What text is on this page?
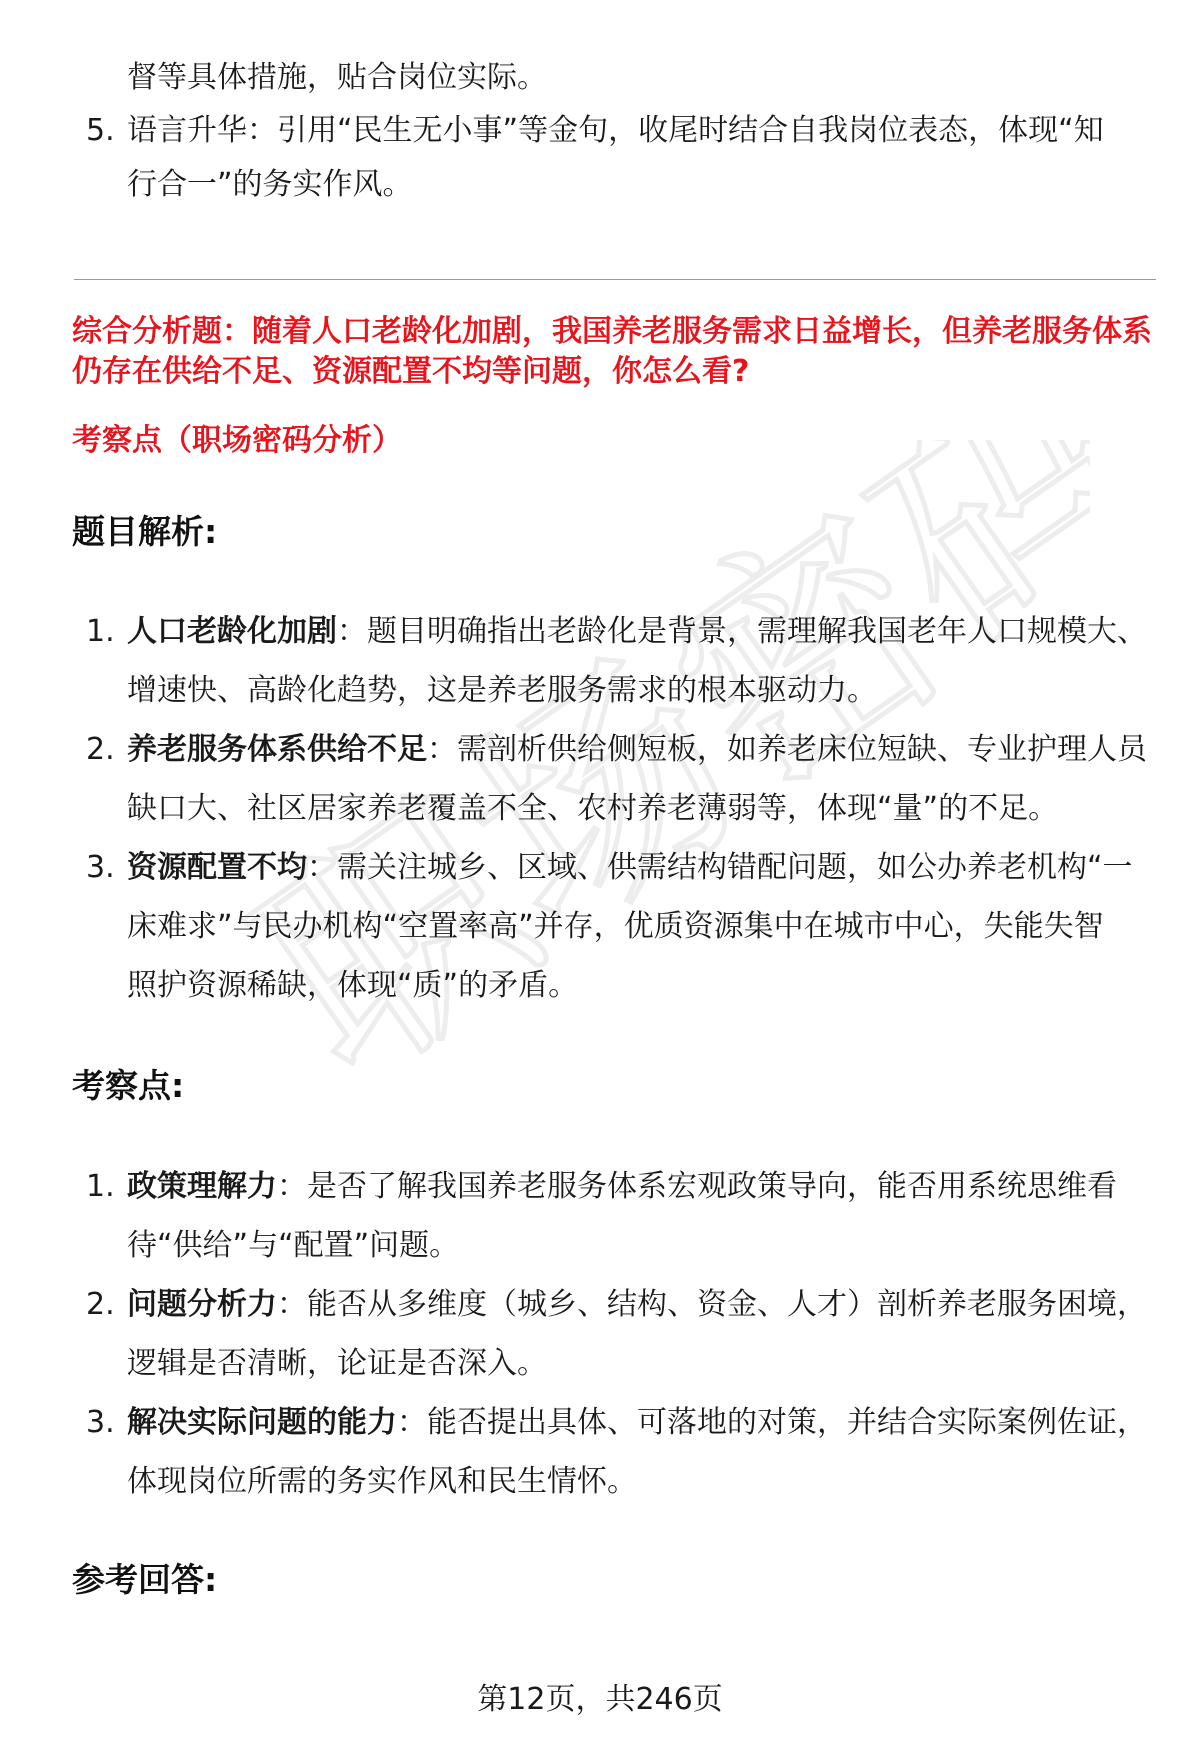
职场密码
督等具体措施，贴合岗位实际。
5. 语言升华：引用“民生无小事”等金句，收尾时结合自我岗位表态，体现“知
行合一”的务实作风。
综合分析题：随着人口老龄化加剧，我国养老服务需求日益增长，但养老服务体系
仍存在供给不足、资源配置不均等问题，你怎么看?
考察点（职场密码分析）
题目解析:
1. 人口老龄化加剧：题目明确指出老龄化是背景，需理解我国老年人口规模大、
增速快、高龄化趋势，这是养老服务需求的根本驱动力。
2. 养老服务体系供给不足：需剖析供给侧短板，如养老床位短缺、专业护理人员
缺口大、社区居家养老覆盖不全、农村养老薄弱等，体现“量”的不足。
3. 资源配置不均：需关注城乡、区域、供需结构错配问题，如公办养老机构“一
床难求”与民办机构“空置率高”并存，优质资源集中在城市中心，失能失智
照护资源稀缺，体现“质”的矛盾。
考察点:
1. 政策理解力：是否了解我国养老服务体系宏观政策导向，能否用系统思维看
待“供给”与“配置”问题。
2. 问题分析力：能否从多维度（城乡、结构、资金、人才）剖析养老服务困境，
逻辑是否清晰，论证是否深入。
3. 解决实际问题的能力：能否提出具体、可落地的对策，并结合实际案例佐证，
体现岗位所需的务实作风和民生情怀。
参考回答:
第12页，共246页
